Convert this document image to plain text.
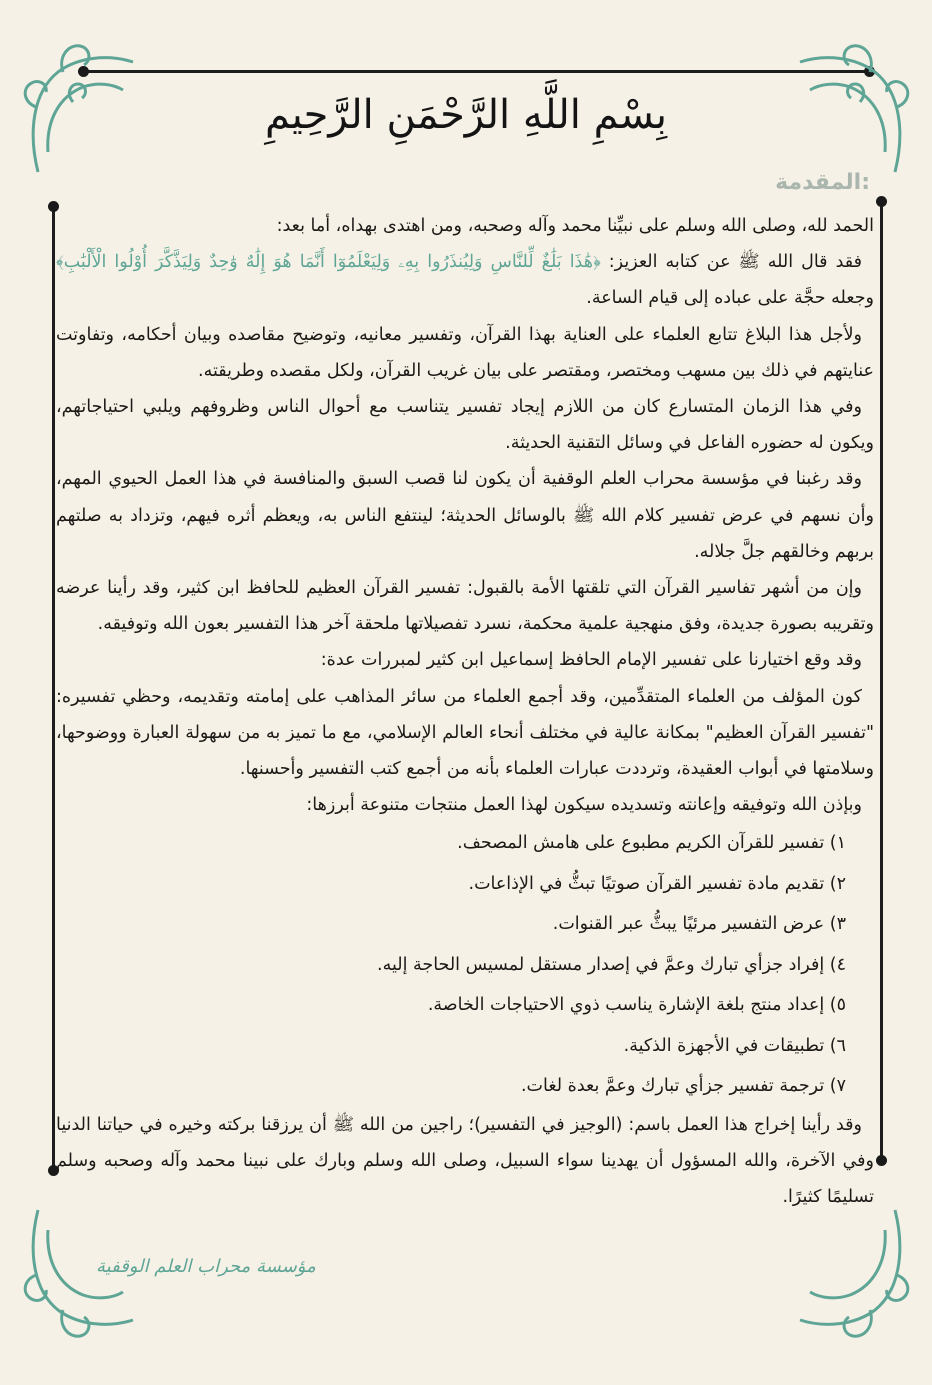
بِسْمِ اللَّهِ الرَّحْمَنِ الرَّحِيمِ
المقدمة:

الحمد لله، وصلى الله وسلم على نبيِّنا محمد وآله وصحبه، ومن اهتدى بهداه، أما بعد:

فقد قال الله ﷺ عن كتابه العزيز: ﴿هَٰذَا بَلَٰغٌ لِّلنَّاسِ وَلِيُنذَرُوا بِهِۦ وَلِيَعْلَمُوٓا أَنَّمَا هُوَ إِلَٰهٌ وَٰحِدٌ وَلِيَذَّكَّرَ أُوْلُوا الْأَلْبَٰبِ﴾ وجعله حجَّة على عباده إلى قيام الساعة.

ولأجل هذا البلاغ تتابع العلماء على العناية بهذا القرآن، وتفسير معانيه، وتوضيح مقاصده وبيان أحكامه، وتفاوتت عنايتهم في ذلك بين مسهب ومختصر، ومقتصر على بيان غريب القرآن، ولكل مقصده وطريقته.

وفي هذا الزمان المتسارع كان من اللازم إيجاد تفسير يتناسب مع أحوال الناس وظروفهم ويلبي احتياجاتهم، ويكون له حضوره الفاعل في وسائل التقنية الحديثة.

وقد رغبنا في مؤسسة محراب العلم الوقفية أن يكون لنا قصب السبق والمنافسة في هذا العمل الحيوي المهم، وأن نسهم في عرض تفسير كلام الله ﷺ بالوسائل الحديثة؛ لينتفع الناس به، ويعظم أثره فيهم، وتزداد به صلتهم بربهم وخالقهم جلَّ جلاله.

وإن من أشهر تفاسير القرآن التي تلقتها الأمة بالقبول: تفسير القرآن العظيم للحافظ ابن كثير، وقد رأينا عرضه وتقريبه بصورة جديدة، وفق منهجية علمية محكمة، نسرد تفصيلاتها ملحقة آخر هذا التفسير بعون الله وتوفيقه.

وقد وقع اختيارنا على تفسير الإمام الحافظ إسماعيل ابن كثير لمبررات عدة:

كون المؤلف من العلماء المتقدِّمين، وقد أجمع العلماء من سائر المذاهب على إمامته وتقديمه، وحظي تفسيره: "تفسير القرآن العظيم" بمكانة عالية في مختلف أنحاء العالم الإسلامي، مع ما تميز به من سهولة العبارة ووضوحها، وسلامتها في أبواب العقيدة، وترددت عبارات العلماء بأنه من أجمع كتب التفسير وأحسنها.

وبإذن الله وتوفيقه وإعانته وتسديده سيكون لهذا العمل منتجات متنوعة أبرزها:

١) تفسير للقرآن الكريم مطبوع على هامش المصحف.

٢) تقديم مادة تفسير القرآن صوتيًا تبثُّ في الإذاعات.

٣) عرض التفسير مرئيًا يبثُّ عبر القنوات.

٤) إفراد جزأي تبارك وعمَّ في إصدار مستقل لمسيس الحاجة إليه.

٥) إعداد منتج بلغة الإشارة يناسب ذوي الاحتياجات الخاصة.

٦) تطبيقات في الأجهزة الذكية.

٧) ترجمة تفسير جزأي تبارك وعمَّ بعدة لغات.

وقد رأينا إخراج هذا العمل باسم: (الوجيز في التفسير)؛ راجين من الله ﷺ أن يرزقنا بركته وخيره في حياتنا الدنيا وفي الآخرة، والله المسؤول أن يهدينا سواء السبيل، وصلى الله وسلم وبارك على نبينا محمد وآله وصحبه وسلم تسليمًا كثيرًا.

مؤسسة محراب العلم الوقفية
